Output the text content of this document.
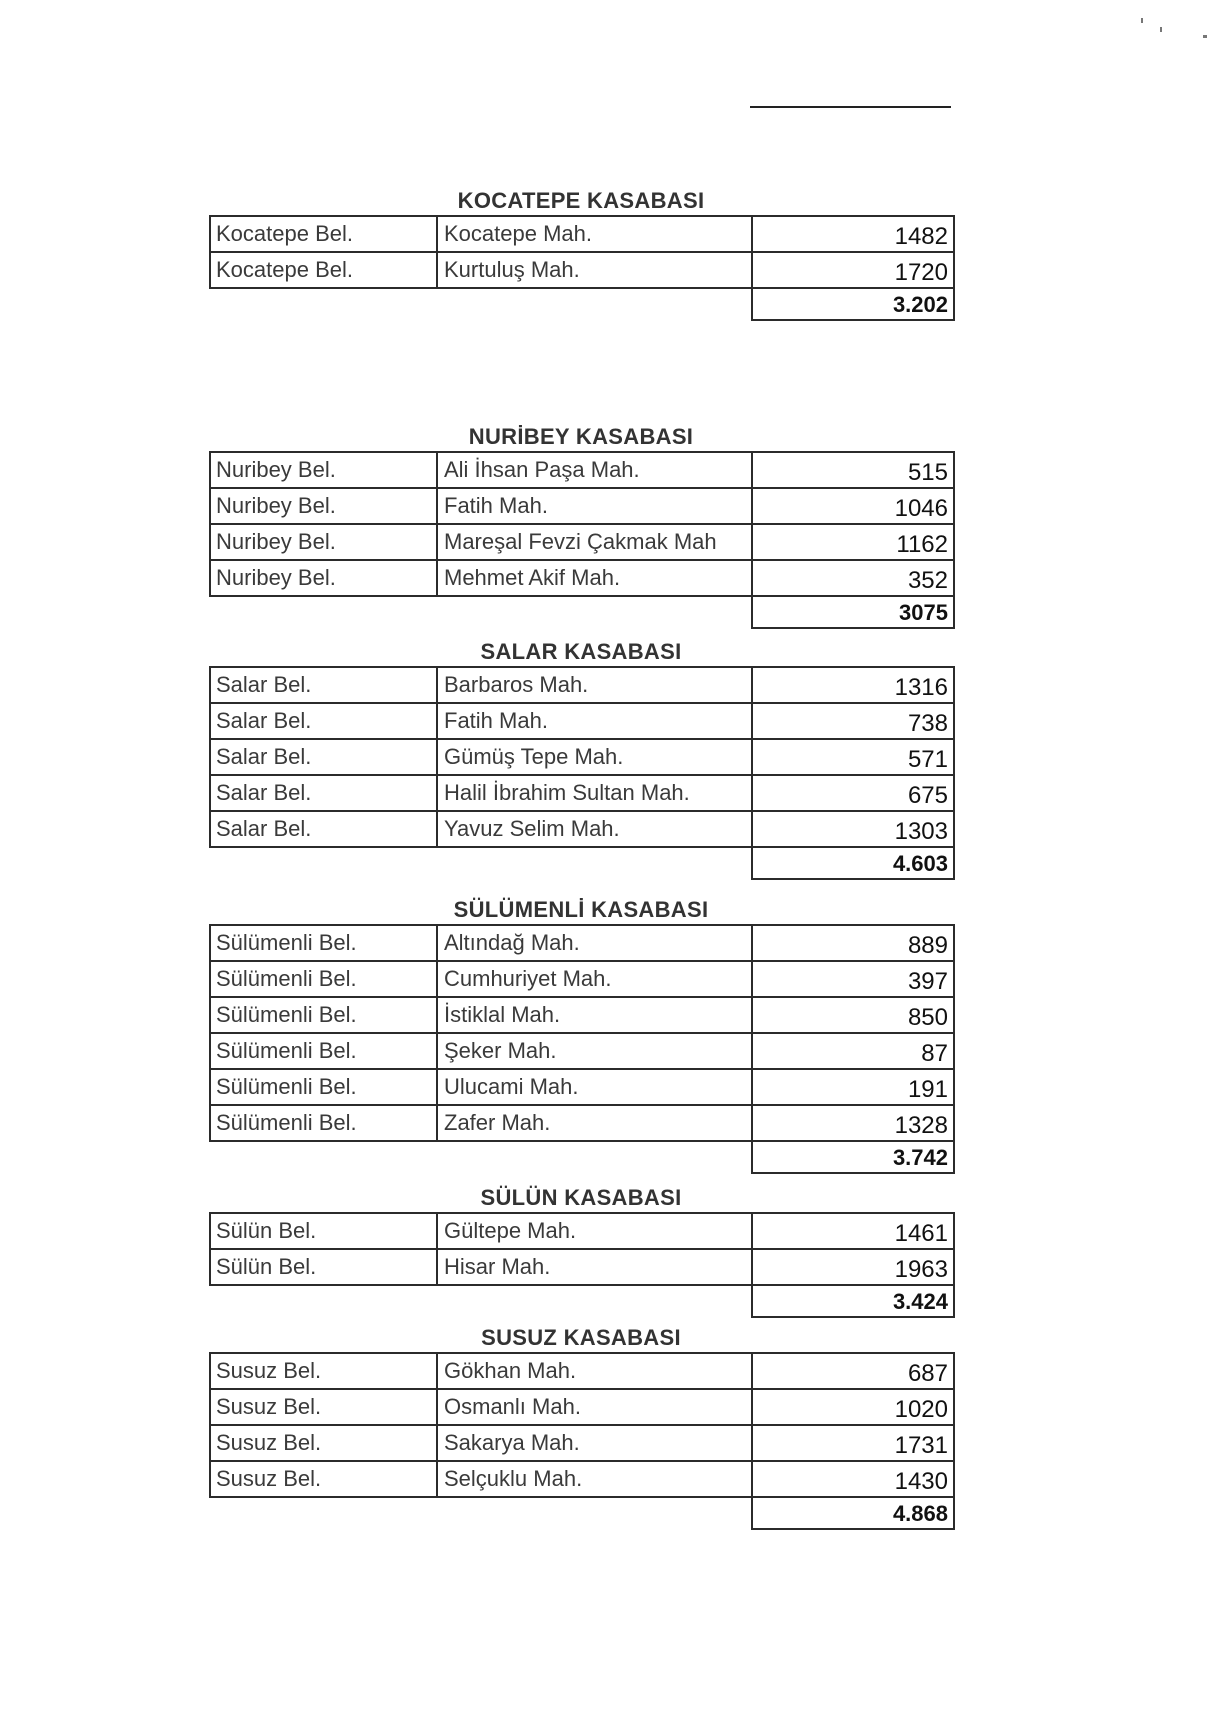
KOCATEPE KASABASI
Kocatepe Bel.	Kocatepe Mah.	1482
Kocatepe Bel.	Kurtuluş Mah.	1720
		3.202
NURİBEY KASABASI
Nuribey Bel.	Ali İhsan Paşa Mah.	515
Nuribey Bel.	Fatih Mah.	1046
Nuribey Bel.	Mareşal Fevzi Çakmak Mah	1162
Nuribey Bel.	Mehmet Akif Mah.	352
		3075
SALAR KASABASI
Salar Bel.	Barbaros Mah.	1316
Salar Bel.	Fatih Mah.	738
Salar Bel.	Gümüş Tepe Mah.	571
Salar Bel.	Halil İbrahim Sultan Mah.	675
Salar Bel.	Yavuz Selim Mah.	1303
		4.603
SÜLÜMENLİ KASABASI
Sülümenli Bel.	Altındağ Mah.	889
Sülümenli Bel.	Cumhuriyet Mah.	397
Sülümenli Bel.	İstiklal Mah.	850
Sülümenli Bel.	Şeker Mah.	87
Sülümenli Bel.	Ulucami Mah.	191
Sülümenli Bel.	Zafer Mah.	1328
		3.742
SÜLÜN KASABASI
Sülün Bel.	Gültepe Mah.	1461
Sülün Bel.	Hisar Mah.	1963
		3.424
SUSUZ KASABASI
Susuz Bel.	Gökhan Mah.	687
Susuz Bel.	Osmanlı Mah.	1020
Susuz Bel.	Sakarya Mah.	1731
Susuz Bel.	Selçuklu Mah.	1430
		4.868
